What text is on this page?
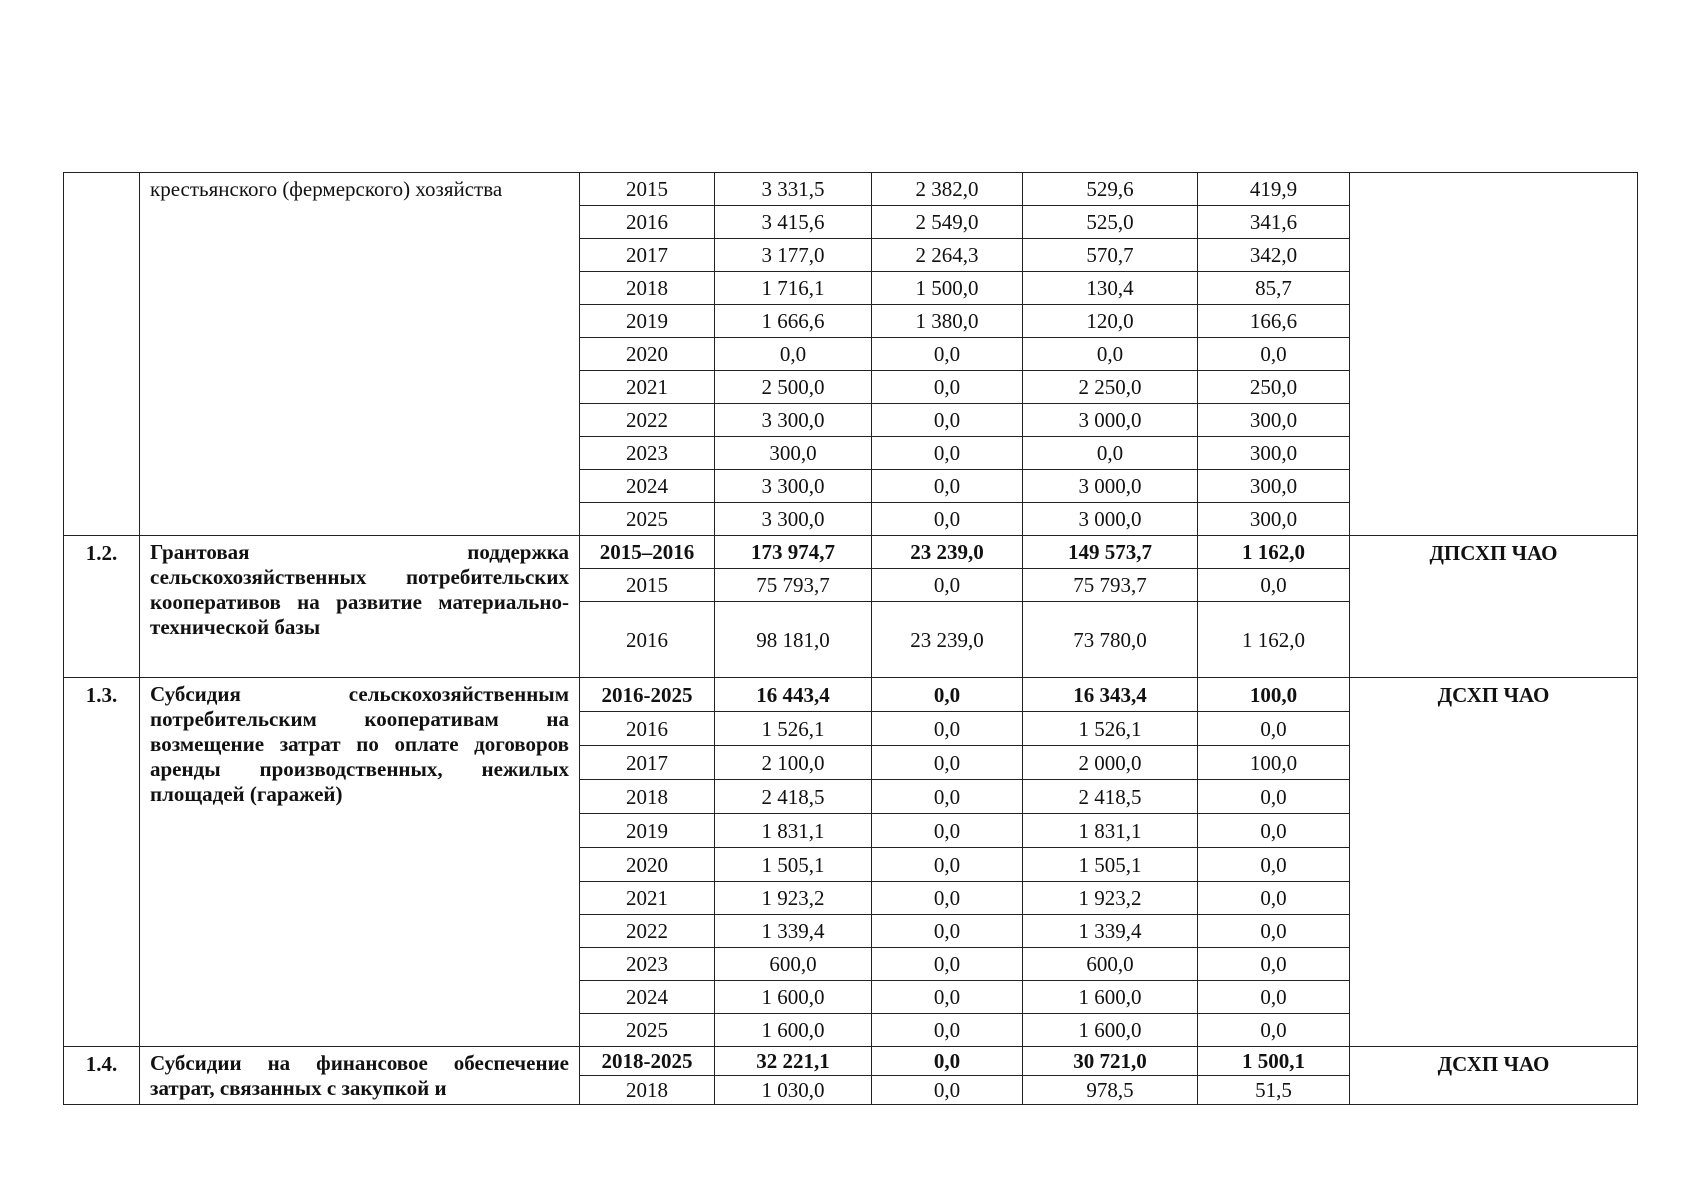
	крестьянского (фермерского) хозяйства	2015	3 331,5	2 382,0	529,6	419,9	
		2016	3 415,6	2 549,0	525,0	341,6	
		2017	3 177,0	2 264,3	570,7	342,0	
		2018	1 716,1	1 500,0	130,4	85,7	
		2019	1 666,6	1 380,0	120,0	166,6	
		2020	0,0	0,0	0,0	0,0	
		2021	2 500,0	0,0	2 250,0	250,0	
		2022	3 300,0	0,0	3 000,0	300,0	
		2023	300,0	0,0	0,0	300,0	
		2024	3 300,0	0,0	3 000,0	300,0	
		2025	3 300,0	0,0	3 000,0	300,0	
1.2.	Грантовая поддержка сельскохозяйственных потребительских кооперативов на развитие материально-технической базы	2015–2016	173 974,7	23 239,0	149 573,7	1 162,0	ДПСХП ЧАО
		2015	75 793,7	0,0	75 793,7	0,0	
		2016	98 181,0	23 239,0	73 780,0	1 162,0	
1.3.	Субсидия сельскохозяйственным потребительским кооперативам на возмещение затрат по оплате договоров аренды производственных, нежилых площадей (гаражей)	2016-2025	16 443,4	0,0	16 343,4	100,0	ДСХП ЧАО
		2016	1 526,1	0,0	1 526,1	0,0	
		2017	2 100,0	0,0	2 000,0	100,0	
		2018	2 418,5	0,0	2 418,5	0,0	
		2019	1 831,1	0,0	1 831,1	0,0	
		2020	1 505,1	0,0	1 505,1	0,0	
		2021	1 923,2	0,0	1 923,2	0,0	
		2022	1 339,4	0,0	1 339,4	0,0	
		2023	600,0	0,0	600,0	0,0	
		2024	1 600,0	0,0	1 600,0	0,0	
		2025	1 600,0	0,0	1 600,0	0,0	
1.4.	Субсидии на финансовое обеспечение затрат, связанных с закупкой и	2018-2025	32 221,1	0,0	30 721,0	1 500,1	ДСХП ЧАО
		2018	1 030,0	0,0	978,5	51,5	
